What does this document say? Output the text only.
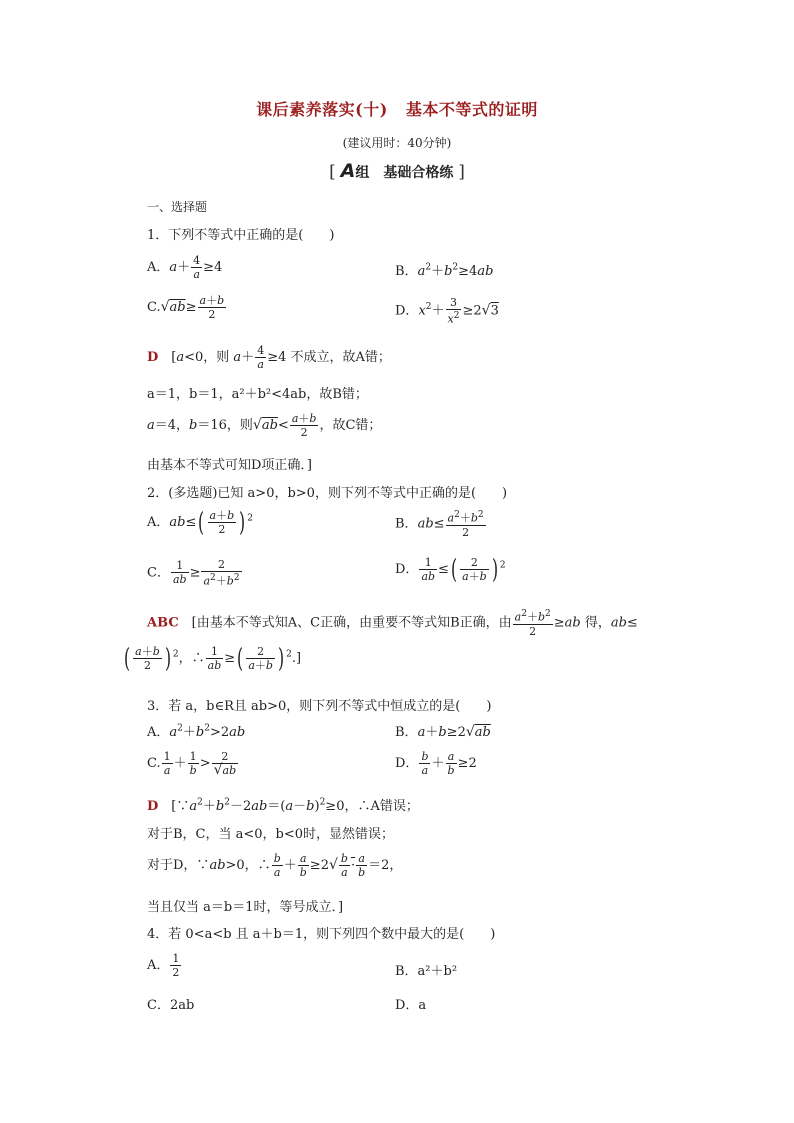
课后素养落实(十) 基本不等式的证明
(建议用时：40分钟)
[ A组　基础合格练 ]
一、选择题
1．下列不等式中正确的是(　　)
A．$a+ \frac{4}{a} \ge 4$	B．$a^2+b^2\ge 4ab$
$C.√ab\ge \frac{a+b}{2}$	D．$x^2+ \frac{3}{x^2} \ge 2√3$
D　[a<0，则 $a+ \frac{4}{a} \ge 4$ 不成立，故A错；
a＝1，b＝1，a²＋b²<4ab，故B错；
a＝4，b＝16，则$√ab< \frac{a+b}{2}$ ，故C错；
由基本不等式可知D项正确．]
2．(多选题)已知 a>0，b>0，则下列不等式中正确的是(　　)
A．$ab\le( \frac{a+b}{2}$ ) $^2$	B．$ab\le \frac{a^2+b^2}{2}$
C． $\frac{1}{ab} \ge \frac{2}{a^2+b^2}$	D． $\frac{1}{ab}$ ≤( $\frac{2}{a+b}$ ) $^2$
ABC　[由基本不等式知A、C正确，由重要不等式知B正确，由 $\frac{a^2+b^2}{2} \ge ab$ 得，ab≤
( $\frac{a+b}{2}$ ) $^2$，∴ $\frac{1}{ab}$ ≥( $\frac{2}{a+b}$ ) $^2$.]
3．若 a，b∈R且 ab>0，则下列不等式中恒成立的是(　　)
A．$a^2+b^2>2ab$	B．a＋b≥2√ab
C. $\frac{1}{a} + \frac{1}{b} > \frac{2}{√ab}$	D． $\frac{b}{a} + \frac{a}{b} \ge 2$
D　[$\because a^2+b^2-2ab=(a-b)^2\ge 0$，∴A错误；
对于B，C，当 a<0，b<0时，显然错误；
对于D，∵ab>0，∴ $\frac{b}{a} + \frac{a}{b} \ge 2√ \frac{b}{a} \cdot \frac{a}{b} =2$，
当且仅当 a＝b＝1时，等号成立．]
4．若 0<a<b 且 a＋b＝1，则下列四个数中最大的是(　　)
A． $\frac{1}{2}$	B．a²＋b²
C．2ab	D．a
